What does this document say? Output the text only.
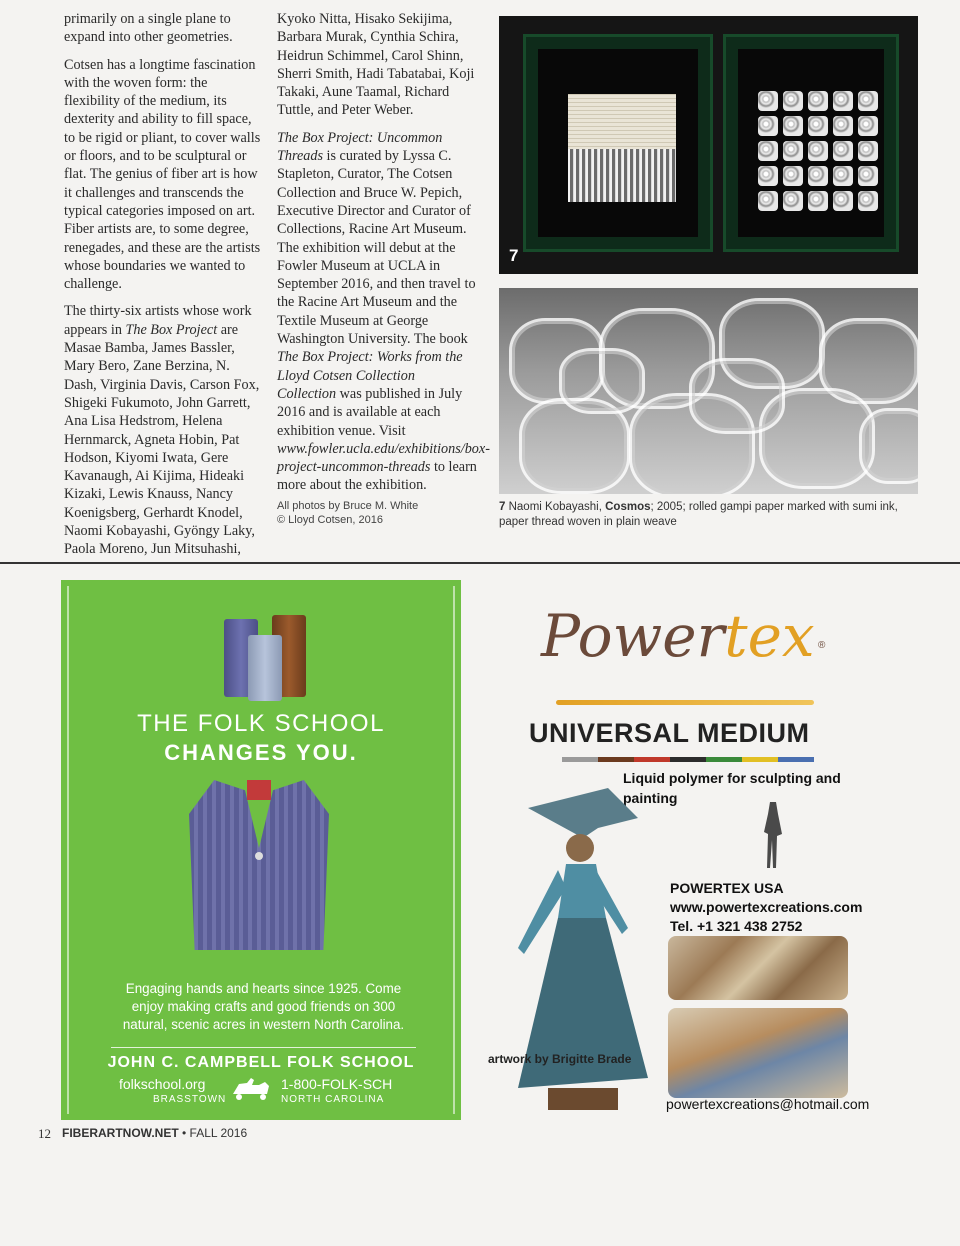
primarily on a single plane to expand into other geometries.

Cotsen has a longtime fascination with the woven form: the flexibility of the medium, its dexterity and ability to fill space, to be rigid or pliant, to cover walls or floors, and to be sculptural or flat. The genius of fiber art is how it challenges and transcends the typical categories imposed on art. Fiber artists are, to some degree, renegades, and these are the artists whose boundaries we wanted to challenge.

The thirty-six artists whose work appears in The Box Project are Masae Bamba, James Bassler, Mary Bero, Zane Berzina, N. Dash, Virginia Davis, Carson Fox, Shigeki Fukumoto, John Garrett, Ana Lisa Hedstrom, Helena Hernmarck, Agneta Hobin, Pat Hodson, Kiyomi Iwata, Gere Kavanaugh, Ai Kijima, Hideaki Kizaki, Lewis Knauss, Nancy Koenigsberg, Gerhardt Knodel, Naomi Kobayashi, Gyöngy Laky, Paola Moreno, Jun Mitsuhashi,

Kyoko Nitta, Hisako Sekijima, Barbara Murak, Cynthia Schira, Heidrun Schimmel, Carol Shinn, Sherri Smith, Hadi Tabatabai, Koji Takaki, Aune Taamal, Richard Tuttle, and Peter Weber.

The Box Project: Uncommon Threads is curated by Lyssa C. Stapleton, Curator, The Cotsen Collection and Bruce W. Pepich, Executive Director and Curator of Collections, Racine Art Museum. The exhibition will debut at the Fowler Museum at UCLA in September 2016, and then travel to the Racine Art Museum and the Textile Museum at George Washington University. The book The Box Project: Works from the Lloyd Cotsen Collection Collection was published in July 2016 and is available at each exhibition venue. Visit www.fowler.ucla.edu/exhibitions/box-project-uncommon-threads to learn more about the exhibition.

All photos by Bruce M. White
© Lloyd Cotsen, 2016
7
7 Naomi Kobayashi, Cosmos; 2005; rolled gampi paper marked with sumi ink, paper thread woven in plain weave
THE FOLK SCHOOL
CHANGES YOU.
Engaging hands and hearts since 1925. Come enjoy making crafts and good friends on 300 natural, scenic acres in western North Carolina.
JOHN C. CAMPBELL FOLK SCHOOL
folkschool.org	1-800-FOLK-SCH
BRASSTOWN	NORTH CAROLINA
12 FIBERARTNOW.NET • FALL 2016
Powertex ®
UNIVERSAL MEDIUM
Liquid polymer for sculpting and painting
POWERTEX USA
www.powertexcreations.com
Tel. +1 321 438 2752
artwork by Brigitte Brade
powertexcreations@hotmail.com
